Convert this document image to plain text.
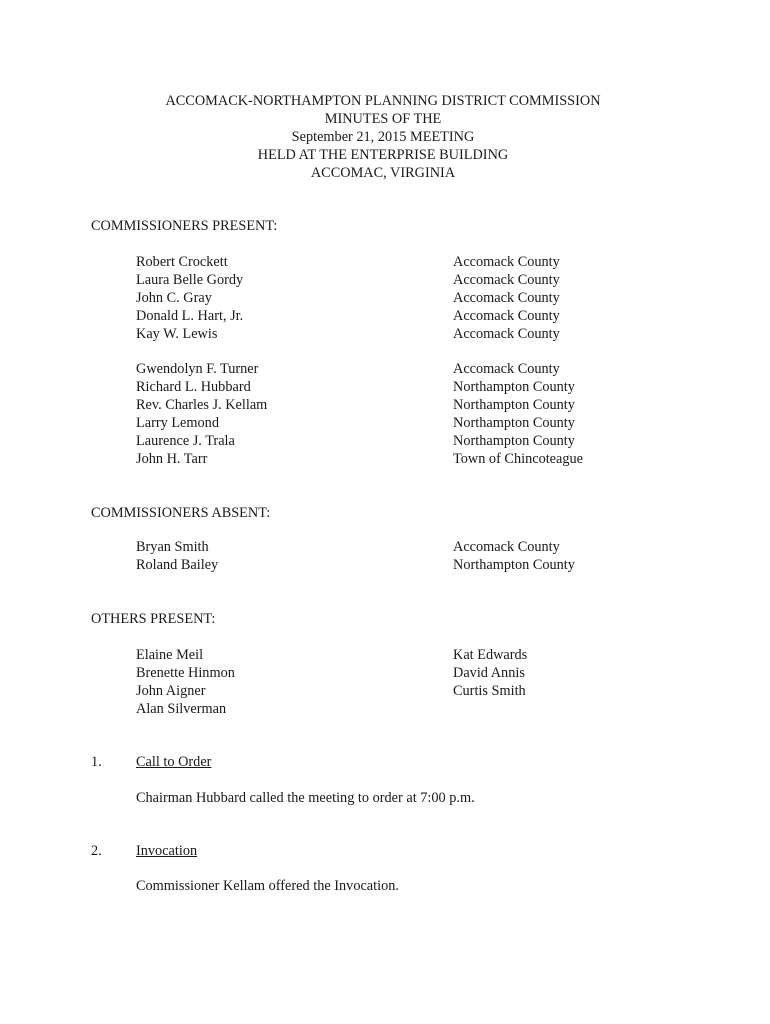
ACCOMACK-NORTHAMPTON PLANNING DISTRICT COMMISSION
MINUTES OF THE
September 21, 2015 MEETING
HELD AT THE ENTERPRISE BUILDING
ACCOMAC, VIRGINIA
COMMISSIONERS PRESENT:
Robert Crockett
Laura Belle Gordy
John C. Gray
Donald L. Hart, Jr.
Kay W. Lewis
Accomack County
Accomack County
Accomack County
Accomack County
Accomack County
Gwendolyn F. Turner
Richard L. Hubbard
Rev. Charles J. Kellam
Larry Lemond
Laurence J. Trala
John H. Tarr
Accomack County
Northampton County
Northampton County
Northampton County
Northampton County
Town of Chincoteague
COMMISSIONERS ABSENT:
Bryan Smith
Roland Bailey
Accomack County
Northampton County
OTHERS PRESENT:
Elaine Meil
Brenette Hinmon
John Aigner
Alan Silverman
Kat Edwards
David Annis
Curtis Smith
1. Call to Order
Chairman Hubbard called the meeting to order at 7:00 p.m.
2. Invocation
Commissioner Kellam offered the Invocation.
